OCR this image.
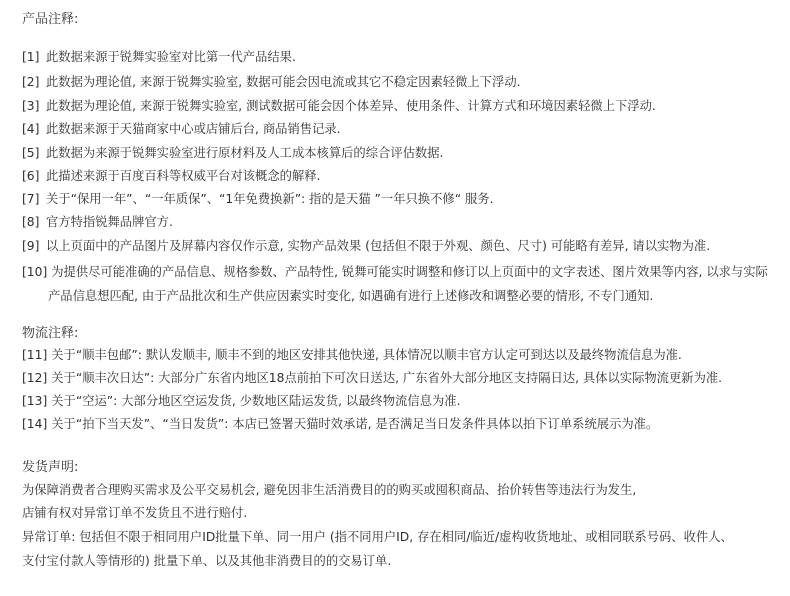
产品注释:
[1] 此数据来源于锐舞实验室对比第一代产品结果.
[2] 此数据为理论值, 来源于锐舞实验室, 数据可能会因电流或其它不稳定因素轻微上下浮动.
[3] 此数据为理论值, 来源于锐舞实验室, 测试数据可能会因个体差异、使用条件、计算方式和环境因素轻微上下浮动.
[4] 此数据来源于天猫商家中心或店铺后台, 商品销售记录.
[5] 此数据为来源于锐舞实验室进行原材料及人工成本核算后的综合评估数据.
[6] 此描述来源于百度百科等权威平台对该概念的解释.
[7] 关于“保用一年”、“一年质保”、“1年免费换新”: 指的是天猫 ”一年只换不修“ 服务.
[8] 官方特指锐舞品牌官方.
[9] 以上页面中的产品图片及屏幕内容仅作示意, 实物产品效果 (包括但不限于外观、颜色、尺寸) 可能略有差异, 请以实物为准.
[10] 为提供尽可能准确的产品信息、规格参数、产品特性, 锐舞可能实时调整和修订以上页面中的文字表述、图片效果等内容, 以求与实际
产品信息想匹配, 由于产品批次和生产供应因素实时变化, 如遇确有进行上述修改和调整必要的情形, 不专门通知.
物流注释:
[11] 关于“顺丰包邮”: 默认发顺丰, 顺丰不到的地区安排其他快递, 具体情况以顺丰官方认定可到达以及最终物流信息为准.
[12] 关于“顺丰次日达”: 大部分广东省内地区18点前拍下可次日送达, 广东省外大部分地区支持隔日达, 具体以实际物流更新为准.
[13] 关于“空运”: 大部分地区空运发货, 少数地区陆运发货, 以最终物流信息为准.
[14] 关于“拍下当天发”、“当日发货”: 本店已签署天猫时效承诺, 是否满足当日发条件具体以拍下订单系统展示为准。
发货声明:
为保障消费者合理购买需求及公平交易机会, 避免因非生活消费目的的购买或囤积商品、抬价转售等违法行为发生,
店铺有权对异常订单不发货且不进行赔付.
异常订单: 包括但不限于相同用户ID批量下单、同一用户 (指不同用户ID, 存在相同/临近/虚构收货地址、或相同联系号码、收件人、
支付宝付款人等情形的) 批量下单、以及其他非消费目的的交易订单.
